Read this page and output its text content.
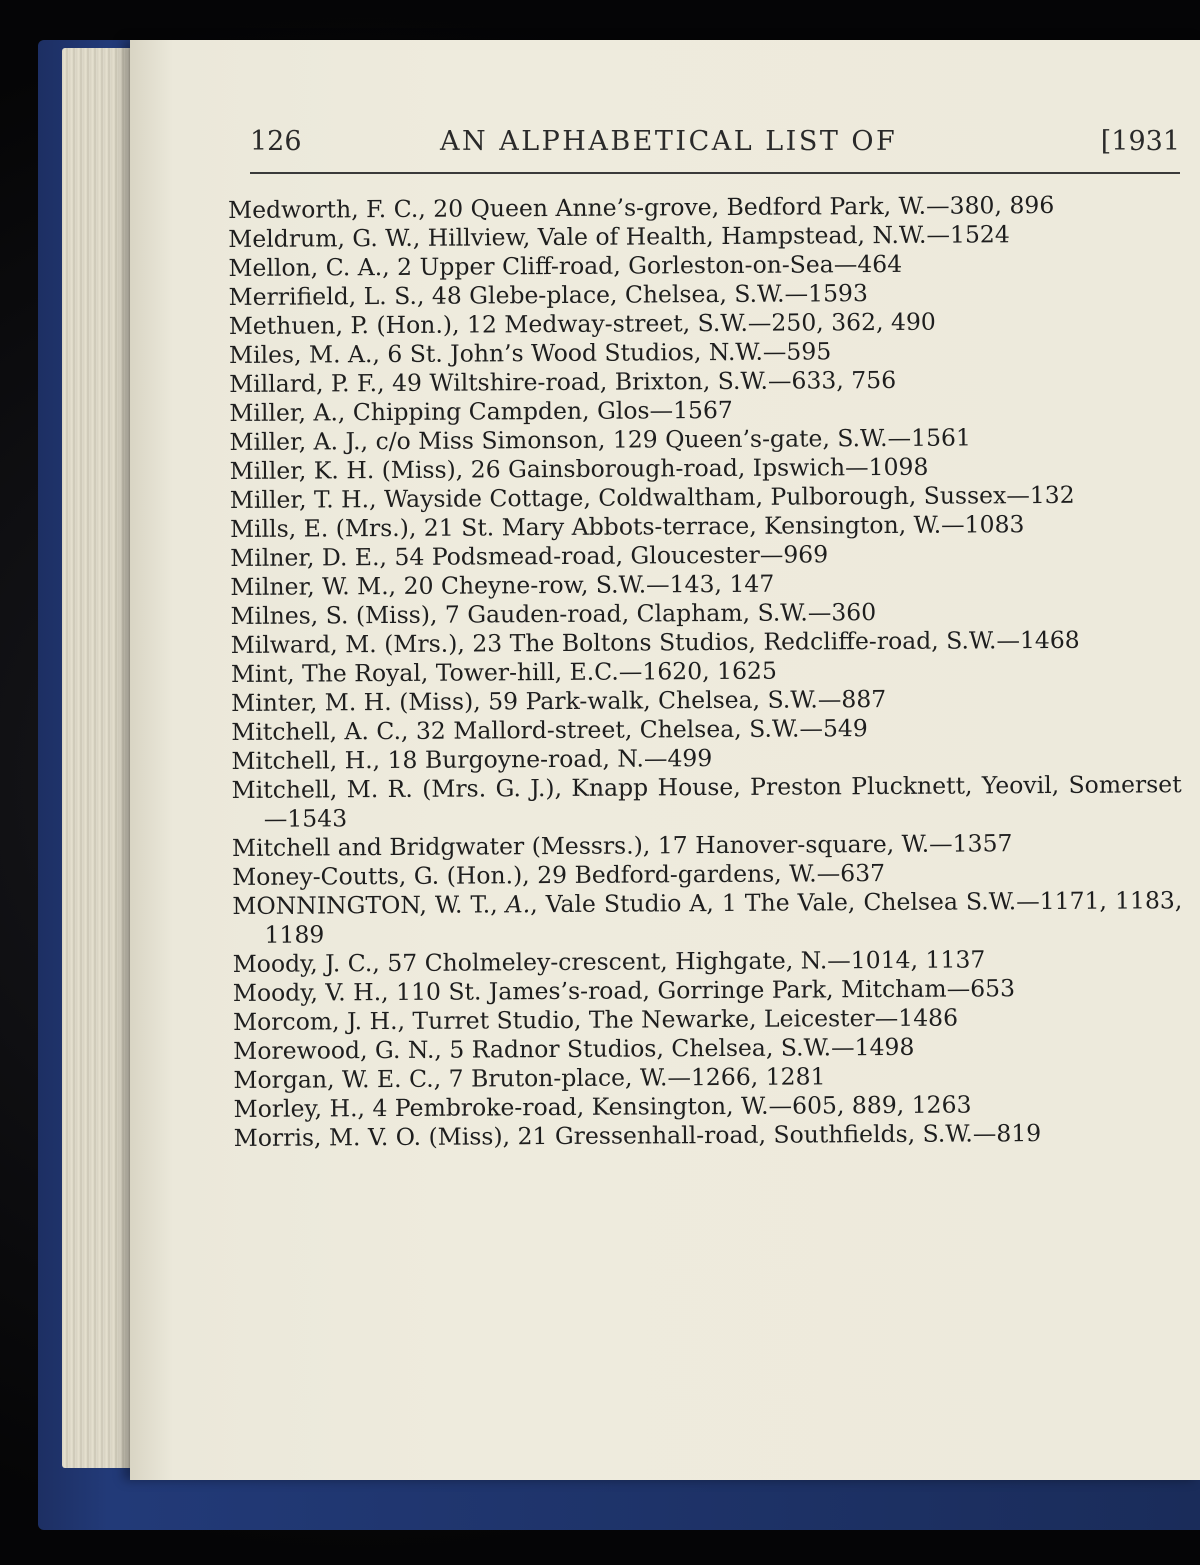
126	AN ALPHABETICAL LIST OF	[1931

Medworth, F. C., 20 Queen Anne’s-grove, Bedford Park, W.—380, 896

Meldrum, G. W., Hillview, Vale of Health, Hampstead, N.W.—1524

Mellon, C. A., 2 Upper Cliff-road, Gorleston-on-Sea—464

Merrifield, L. S., 48 Glebe-place, Chelsea, S.W.—1593

Methuen, P. (Hon.), 12 Medway-street, S.W.—250, 362, 490

Miles, M. A., 6 St. John’s Wood Studios, N.W.—595

Millard, P. F., 49 Wiltshire-road, Brixton, S.W.—633, 756

Miller, A., Chipping Campden, Glos—1567

Miller, A. J., c/o Miss Simonson, 129 Queen’s-gate, S.W.—1561

Miller, K. H. (Miss), 26 Gainsborough-road, Ipswich—1098

Miller, T. H., Wayside Cottage, Coldwaltham, Pulborough, Sussex—132

Mills, E. (Mrs.), 21 St. Mary Abbots-terrace, Kensington, W.—1083

Milner, D. E., 54 Podsmead-road, Gloucester—969

Milner, W. M., 20 Cheyne-row, S.W.—143, 147

Milnes, S. (Miss), 7 Gauden-road, Clapham, S.W.—360

Milward, M. (Mrs.), 23 The Boltons Studios, Redcliffe-road, S.W.—1468

Mint, The Royal, Tower-hill, E.C.—1620, 1625

Minter, M. H. (Miss), 59 Park-walk, Chelsea, S.W.—887

Mitchell, A. C., 32 Mallord-street, Chelsea, S.W.—549

Mitchell, H., 18 Burgoyne-road, N.—499

Mitchell, M. R. (Mrs. G. J.), Knapp House, Preston Plucknett, Yeovil, Somerset—1543

Mitchell and Bridgwater (Messrs.), 17 Hanover-square, W.—1357

Money-Coutts, G. (Hon.), 29 Bedford-gardens, W.—637

MONNINGTON, W. T., A., Vale Studio A, 1 The Vale, Chelsea S.W.—1171, 1183, 1189

Moody, J. C., 57 Cholmeley-crescent, Highgate, N.—1014, 1137

Moody, V. H., 110 St. James’s-road, Gorringe Park, Mitcham—653

Morcom, J. H., Turret Studio, The Newarke, Leicester—1486

Morewood, G. N., 5 Radnor Studios, Chelsea, S.W.—1498

Morgan, W. E. C., 7 Bruton-place, W.—1266, 1281

Morley, H., 4 Pembroke-road, Kensington, W.—605, 889, 1263

Morris, M. V. O. (Miss), 21 Gressenhall-road, Southfields, S.W.—819
